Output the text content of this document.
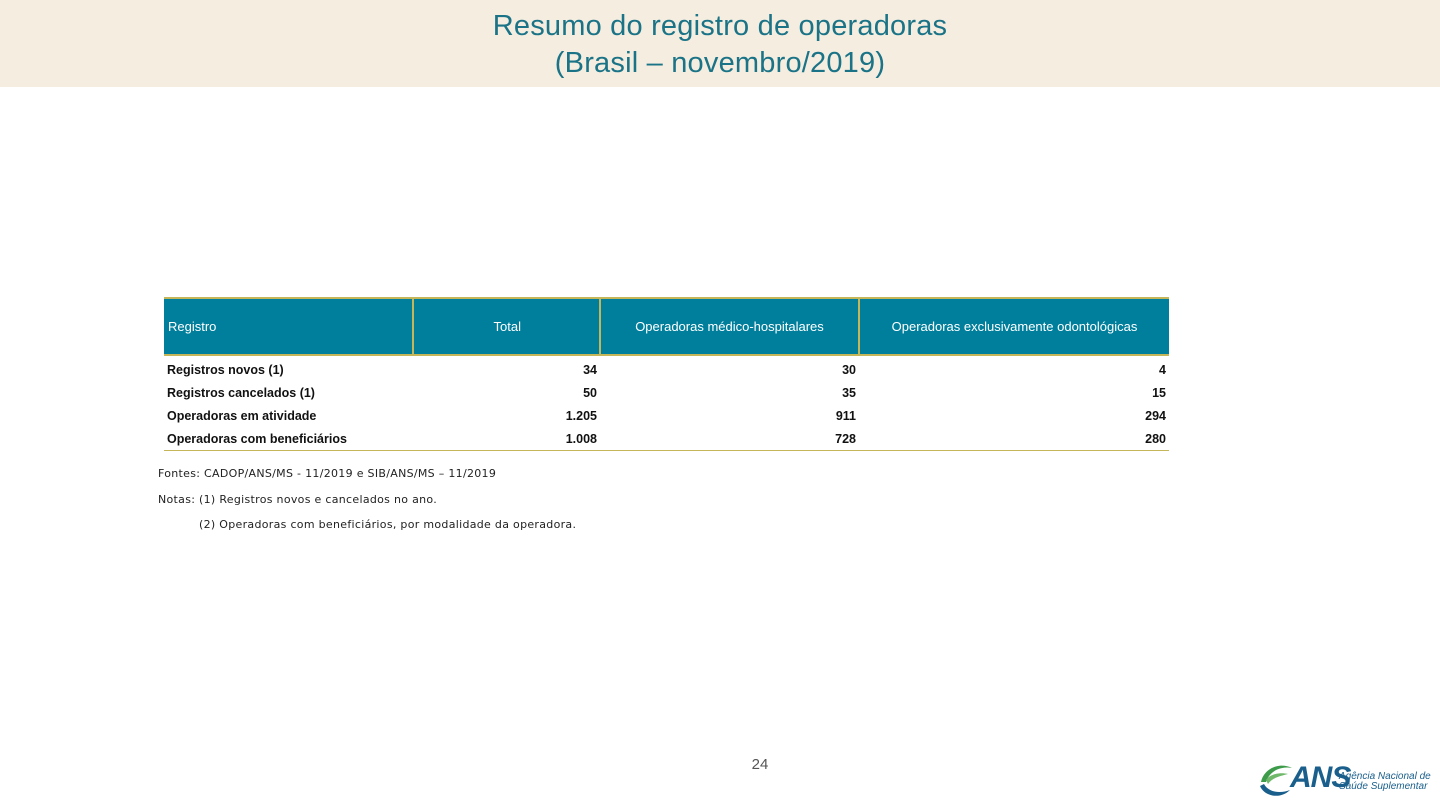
Resumo do registro de operadoras
(Brasil – novembro/2019)
Registro	Total	Operadoras médico-hospitalares	Operadoras exclusivamente odontológicas
Registros novos (1)	34	30	4
Registros cancelados (1)	50	35	15
Operadoras em atividade	1.205	911	294
Operadoras com beneficiários	1.008	728	280
Fontes: CADOP/ANS/MS - 11/2019 e SIB/ANS/MS – 11/2019
Notas: (1) Registros novos e cancelados no ano.
(2) Operadoras com beneficiários, por modalidade da operadora.
24	ANS
Agência Nacional de
Saúde Suplementar
